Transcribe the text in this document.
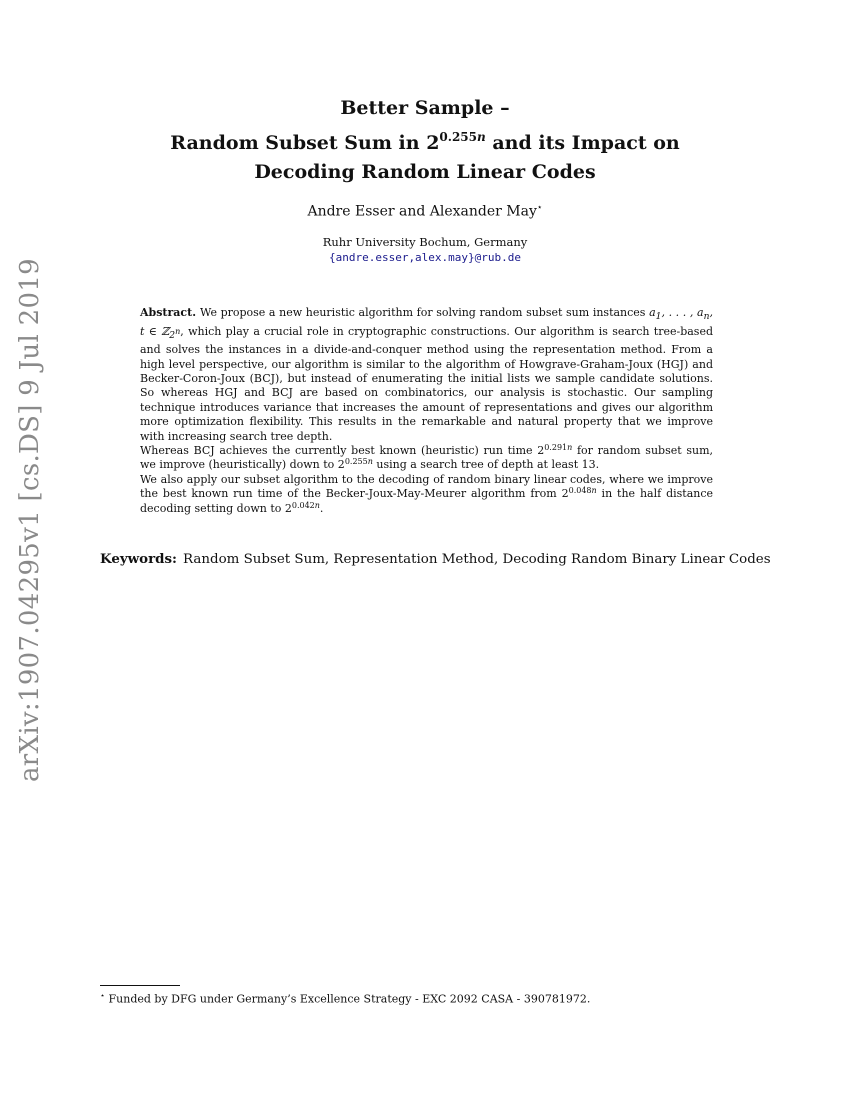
arXiv:1907.04295v1 [cs.DS] 9 Jul 2019
Better Sample –
Random Subset Sum in $2^{0.255n}$ and its Impact on
Decoding Random Linear Codes
Andre Esser and Alexander May⋆
Ruhr University Bochum, Germany
{andre.esser,alex.may}@rub.de

Abstract. We propose a new heuristic algorithm for solving random subset sum instances $a_1$, . . . , $a_n$, t ∈ ℤ$_{2^n}$, which play a crucial role in cryptographic constructions. Our algorithm is search tree-based and solves the instances in a divide-and-conquer method using the representation method. From a high level perspective, our algorithm is similar to the algorithm of Howgrave-Graham-Joux (HGJ) and Becker-Coron-Joux (BCJ), but instead of enumerating the initial lists we sample candidate solutions. So whereas HGJ and BCJ are based on combinatorics, our analysis is stochastic. Our sampling technique introduces variance that increases the amount of representations and gives our algorithm more optimization flexibility. This results in the remarkable and natural property that we improve with increasing search tree depth.

Whereas BCJ achieves the currently best known (heuristic) run time $2^{0.291n}$ for random subset sum, we improve (heuristically) down to $2^{0.255n}$ using a search tree of depth at least 13.

We also apply our subset algorithm to the decoding of random binary linear codes, where we improve the best known run time of the Becker-Joux-May-Meurer algorithm from $2^{0.048n}$ in the half distance decoding setting down to $2^{0.042n}$.

Keywords: Random Subset Sum, Representation Method, Decoding Random Binary Linear Codes
⋆ Funded by DFG under Germany’s Excellence Strategy - EXC 2092 CASA - 390781972.
